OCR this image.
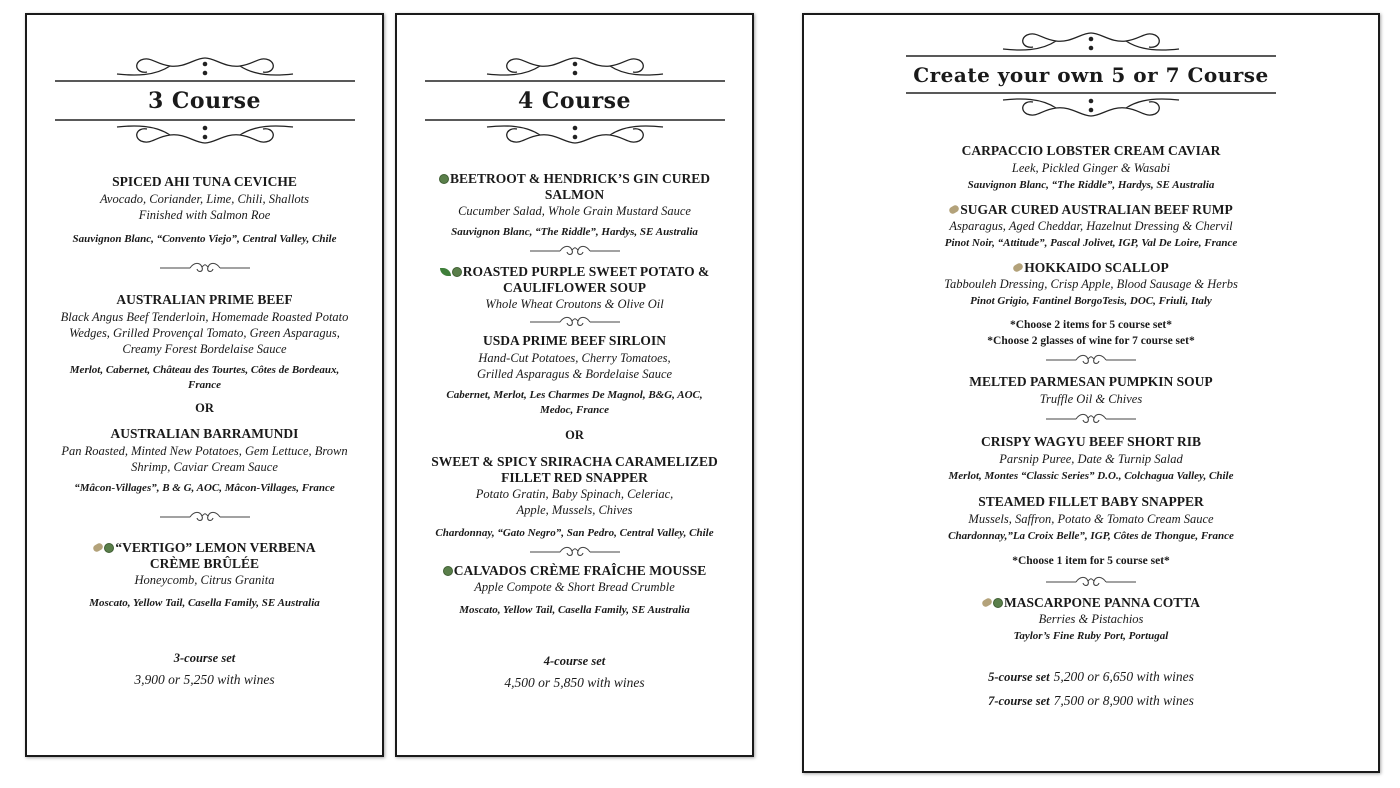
3 Course
SPICED AHI TUNA CEVICHE
Avocado, Coriander, Lime, Chili, Shallots
Finished with Salmon Roe
Sauvignon Blanc, “Convento Viejo”, Central Valley, Chile
AUSTRALIAN PRIME BEEF
Black Angus Beef Tenderloin, Homemade Roasted Potato
Wedges, Grilled Provençal Tomato, Green Asparagus,
Creamy Forest Bordelaise Sauce
Merlot, Cabernet, Château des Tourtes, Côtes de Bordeaux,
France
OR
AUSTRALIAN BARRAMUNDI
Pan Roasted, Minted New Potatoes, Gem Lettuce, Brown
Shrimp, Caviar Cream Sauce
“Mâcon-Villages”, B & G, AOC, Mâcon-Villages, France
“VERTIGO” LEMON VERBENA
CRÈME BRÛLÉE
Honeycomb, Citrus Granita
Moscato, Yellow Tail, Casella Family, SE Australia
3-course set
3,900 or 5,250 with wines
4 Course
BEETROOT & HENDRICK’S GIN CURED
SALMON
Cucumber Salad, Whole Grain Mustard Sauce
Sauvignon Blanc, “The Riddle”, Hardys, SE Australia
ROASTED PURPLE SWEET POTATO &
CAULIFLOWER SOUP
Whole Wheat Croutons & Olive Oil
USDA PRIME BEEF SIRLOIN
Hand-Cut Potatoes, Cherry Tomatoes,
Grilled Asparagus & Bordelaise Sauce
Cabernet, Merlot, Les Charmes De Magnol, B&G, AOC,
Medoc, France
OR
SWEET & SPICY SRIRACHA CARAMELIZED
FILLET RED SNAPPER
Potato Gratin, Baby Spinach, Celeriac,
Apple, Mussels, Chives
Chardonnay, “Gato Negro”, San Pedro, Central Valley, Chile
CALVADOS CRÈME FRAÎCHE MOUSSE
Apple Compote & Short Bread Crumble
Moscato, Yellow Tail, Casella Family, SE Australia
4-course set
4,500 or 5,850 with wines
Create your own 5 or 7 Course
CARPACCIO LOBSTER CREAM CAVIAR
Leek, Pickled Ginger & Wasabi
Sauvignon Blanc, “The Riddle”, Hardys, SE Australia
SUGAR CURED AUSTRALIAN BEEF RUMP
Asparagus, Aged Cheddar, Hazelnut Dressing & Chervil
Pinot Noir, “Attitude”, Pascal Jolivet, IGP, Val De Loire, France
HOKKAIDO SCALLOP
Tabbouleh Dressing, Crisp Apple, Blood Sausage & Herbs
Pinot Grigio, Fantinel BorgoTesis, DOC, Friuli, Italy
*Choose 2 items for 5 course set*
*Choose 2 glasses of wine for 7 course set*
MELTED PARMESAN PUMPKIN SOUP
Truffle Oil & Chives
CRISPY WAGYU BEEF SHORT RIB
Parsnip Puree, Date & Turnip Salad
Merlot, Montes “Classic Series” D.O., Colchagua Valley, Chile
STEAMED FILLET BABY SNAPPER
Mussels, Saffron, Potato & Tomato Cream Sauce
Chardonnay,”La Croix Belle”, IGP, Côtes de Thongue, France
*Choose 1 item for 5 course set*
MASCARPONE PANNA COTTA
Berries & Pistachios
Taylor’s Fine Ruby Port, Portugal
5-course set 5,200 or 6,650 with wines
7-course set 7,500 or 8,900 with wines
